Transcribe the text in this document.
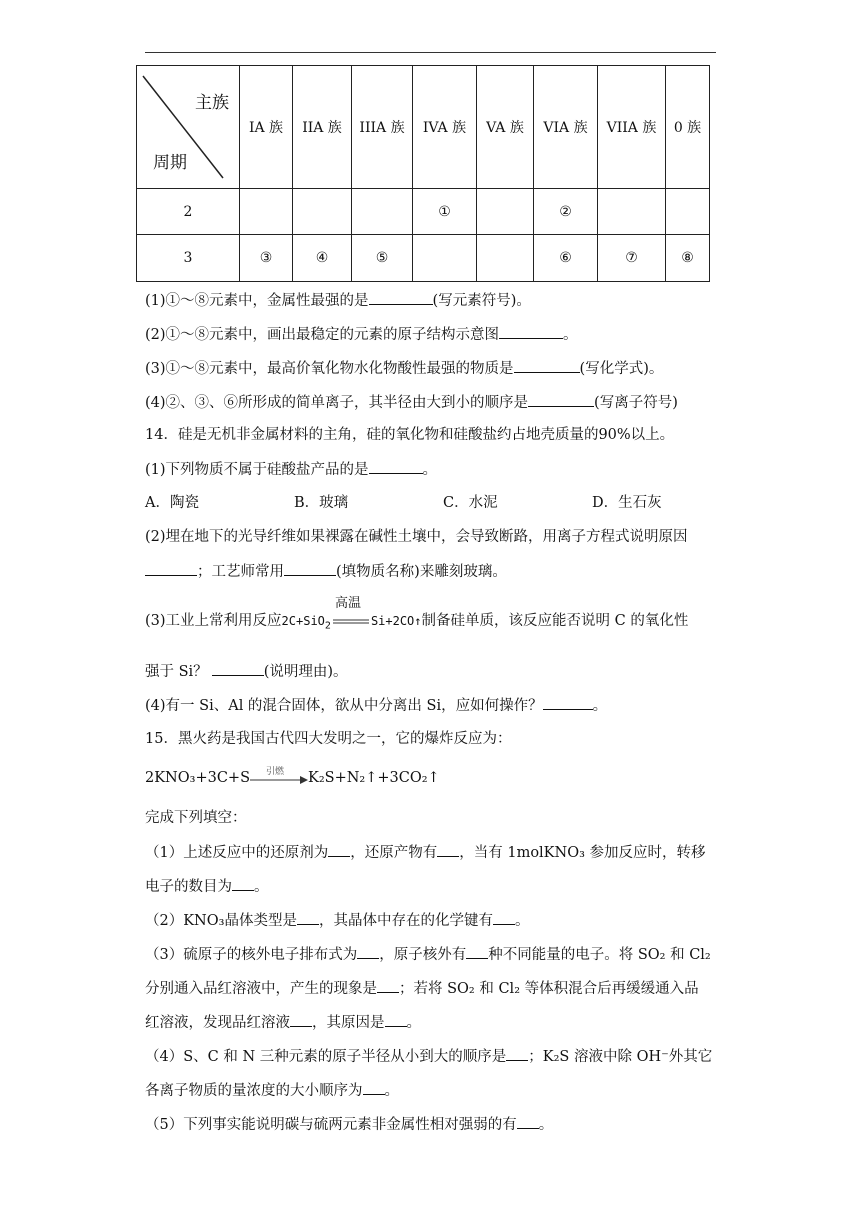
主族
周期	IA 族	IIA 族	IIIA 族	IVA 族	VA 族	VIA 族	VIIA 族	0 族
2				①		②		
3	③	④	⑤			⑥	⑦	⑧
(1)①～⑧元素中，金属性最强的是	(写元素符号)。
(2)①～⑧元素中，画出最稳定的元素的原子结构示意图	。
(3)①～⑧元素中，最高价氧化物水化物酸性最强的物质是	(写化学式)。
(4)②、③、⑥所形成的简单离子，其半径由大到小的顺序是	(写离子符号)
14．硅是无机非金属材料的主角，硅的氧化物和硅酸盐约占地壳质量的90%以上。
(1)下列物质不属于硅酸盐产品的是	。
A．陶瓷	B．玻璃	C．水泥	D．生石灰
(2)埋在地下的光导纤维如果裸露在碱性土壤中，会导致断路，用离子方程式说明原因
；工艺师常用	(填物质名称)来雕刻玻璃。
(3)工业上常利用反应2C+SiO$_2$
高温
Si+2CO↑制备硅单质，该反应能否说明 C 的氧化性
强于 Si？	(说明理由)。
(4)有一 Si、Al 的混合固体，欲从中分离出 Si，应如何操作？	。
15．黑火药是我国古代四大发明之一，它的爆炸反应为：
2KNO₃+3C+S 引燃 K₂S+N₂↑+3CO₂↑
完成下列填空：
（1）上述反应中的还原剂为 ，还原产物有 ，当有 1molKNO₃ 参加反应时，转移
电子的数目为 。
（2）KNO₃晶体类型是 ，其晶体中存在的化学键有 。
（3）硫原子的核外电子排布式为 ，原子核外有 种不同能量的电子。将 SO₂ 和 Cl₂
分别通入品红溶液中，产生的现象是 ；若将 SO₂ 和 Cl₂ 等体积混合后再缓缓通入品
红溶液，发现品红溶液 ，其原因是 。
（4）S、C 和 N 三种元素的原子半径从小到大的顺序是 ；K₂S 溶液中除 OH⁻外其它
各离子物质的量浓度的大小顺序为 。
（5）下列事实能说明碳与硫两元素非金属性相对强弱的有 。
